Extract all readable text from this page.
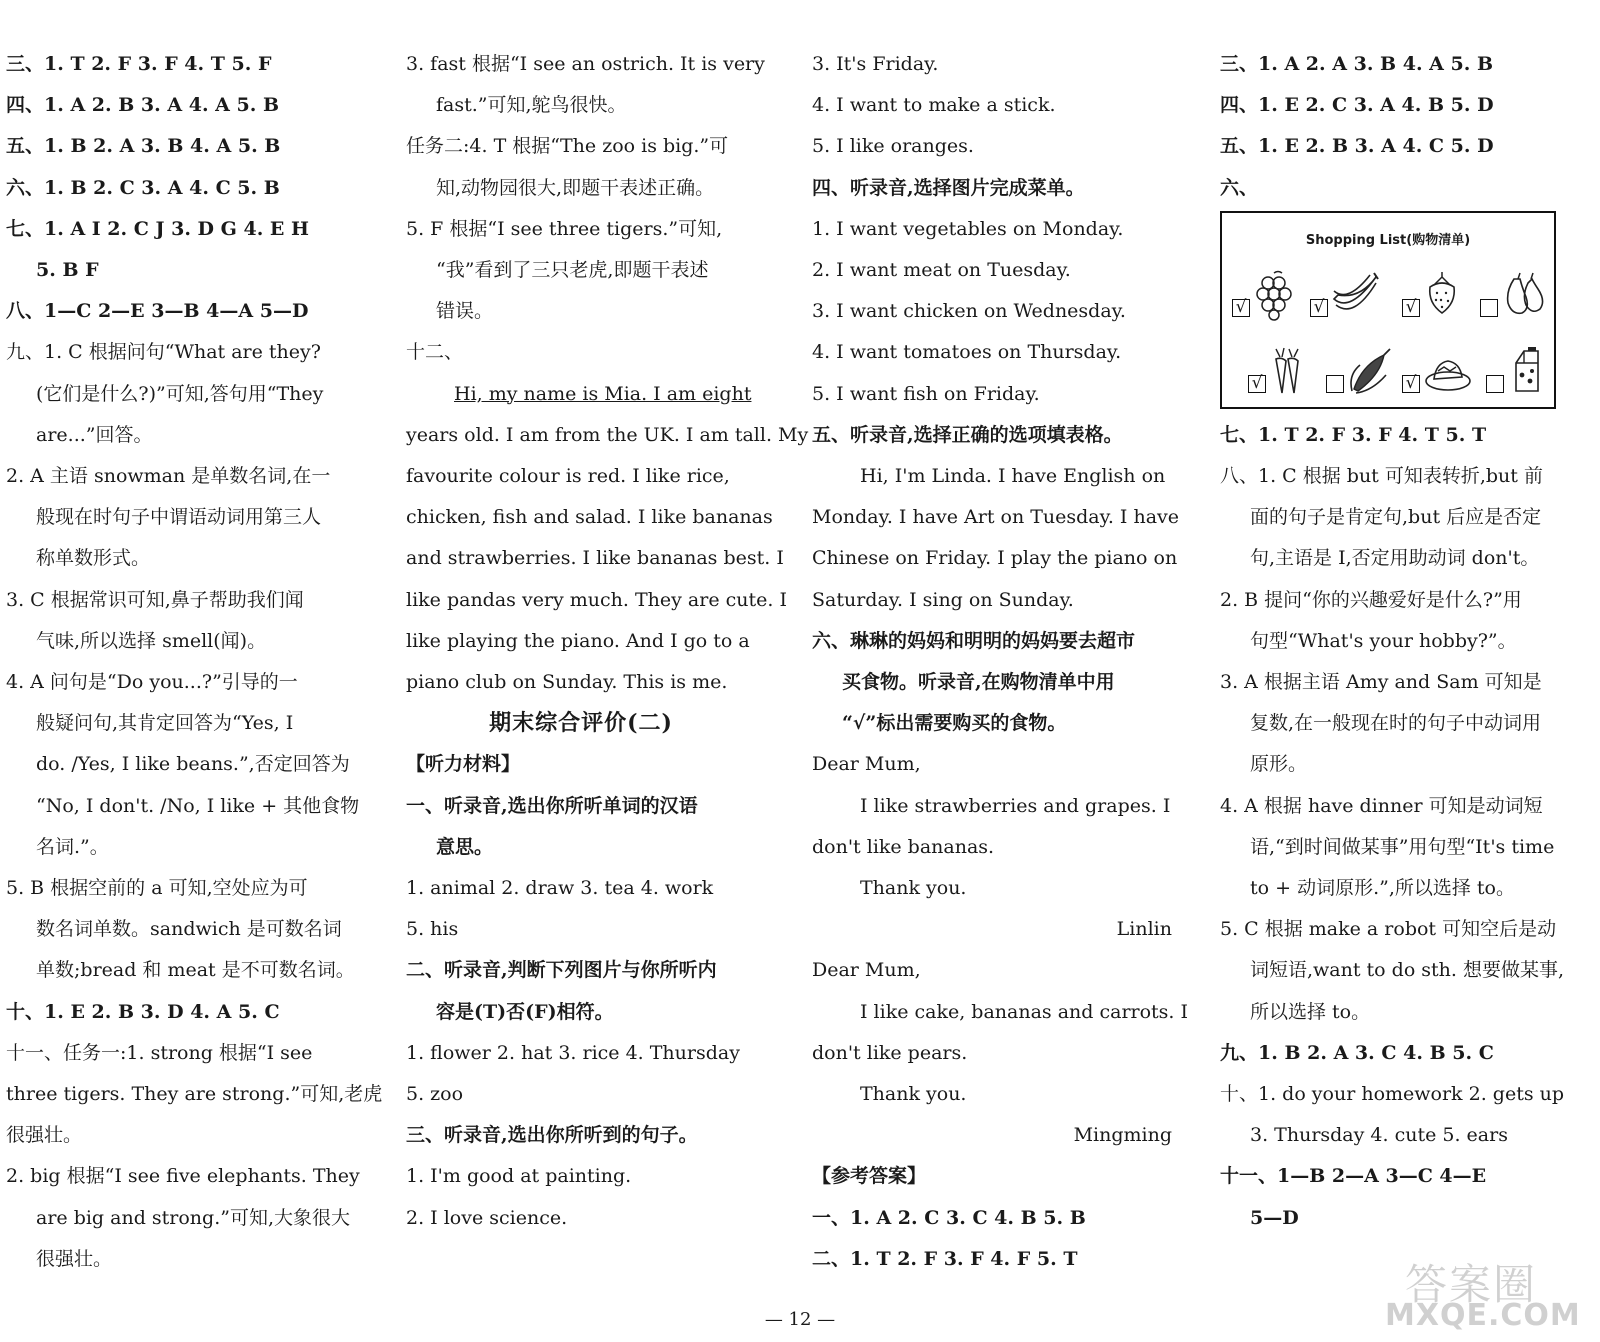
三、1. T 2. F 3. F 4. T 5. F
四、1. A 2. B 3. A 4. A 5. B
五、1. B 2. A 3. B 4. A 5. B
六、1. B 2. C 3. A 4. C 5. B
七、1. A I 2. C J 3. D G 4. E H
5. B F
八、1—C 2—E 3—B 4—A 5—D
九、1. C 根据问句“What are they?
(它们是什么?)”可知,答句用“They
are...”回答。
2. A 主语 snowman 是单数名词,在一
般现在时句子中谓语动词用第三人
称单数形式。
3. C 根据常识可知,鼻子帮助我们闻
气味,所以选择 smell(闻)。
4. A 问句是“Do you...?”引导的一
般疑问句,其肯定回答为“Yes, I
do. /Yes, I like beans.”,否定回答为
“No, I don't. /No, I like + 其他食物
名词.”。
5. B 根据空前的 a 可知,空处应为可
数名词单数。sandwich 是可数名词
单数;bread 和 meat 是不可数名词。
十、1. E 2. B 3. D 4. A 5. C
十一、任务一:1. strong 根据“I see
three tigers. They are strong.”可知,老虎
很强壮。
2. big 根据“I see five elephants. They
are big and strong.”可知,大象很大
很强壮。
3. fast 根据“I see an ostrich. It is very
fast.”可知,鸵鸟很快。
任务二:4. T 根据“The zoo is big.”可
知,动物园很大,即题干表述正确。
5. F 根据“I see three tigers.”可知,
“我”看到了三只老虎,即题干表述
错误。
十二、
Hi, my name is Mia. I am eight
years old. I am from the UK. I am tall. My
favourite colour is red. I like rice,
chicken, fish and salad. I like bananas
and strawberries. I like bananas best. I
like pandas very much. They are cute. I
like playing the piano. And I go to a
piano club on Sunday. This is me.
期末综合评价(二)
【听力材料】
一、听录音,选出你所听单词的汉语
意思。
1. animal 2. draw 3. tea 4. work
5. his
二、听录音,判断下列图片与你所听内
容是(T)否(F)相符。
1. flower 2. hat 3. rice 4. Thursday
5. zoo
三、听录音,选出你所听到的句子。
1. I'm good at painting.
2. I love science.
3. It's Friday.
4. I want to make a stick.
5. I like oranges.
四、听录音,选择图片完成菜单。
1. I want vegetables on Monday.
2. I want meat on Tuesday.
3. I want chicken on Wednesday.
4. I want tomatoes on Thursday.
5. I want fish on Friday.
五、听录音,选择正确的选项填表格。
Hi, I'm Linda. I have English on
Monday. I have Art on Tuesday. I have
Chinese on Friday. I play the piano on
Saturday. I sing on Sunday.
六、琳琳的妈妈和明明的妈妈要去超市
买食物。听录音,在购物清单中用
“√”标出需要购买的食物。
Dear Mum,
I like strawberries and grapes. I
don't like bananas.
Thank you.
Linlin
Dear Mum,
I like cake, bananas and carrots. I
don't like pears.
Thank you.
Mingming
【参考答案】
一、1. A 2. C 3. C 4. B 5. B
二、1. T 2. F 3. F 4. F 5. T
三、1. A 2. A 3. B 4. A 5. B
四、1. E 2. C 3. A 4. B 5. D
五、1. E 2. B 3. A 4. C 5. D
六、
Shopping List(购物清单)
√	√	√
√	√
七、1. T 2. F 3. F 4. T 5. T
八、1. C 根据 but 可知表转折,but 前
面的句子是肯定句,but 后应是否定
句,主语是 I,否定用助动词 don't。
2. B 提问“你的兴趣爱好是什么?”用
句型“What's your hobby?”。
3. A 根据主语 Amy and Sam 可知是
复数,在一般现在时的句子中动词用
原形。
4. A 根据 have dinner 可知是动词短
语,“到时间做某事”用句型“It's time
to + 动词原形.”,所以选择 to。
5. C 根据 make a robot 可知空后是动
词短语,want to do sth. 想要做某事,
所以选择 to。
九、1. B 2. A 3. C 4. B 5. C
十、1. do your homework 2. gets up
3. Thursday 4. cute 5. ears
十一、1—B 2—A 3—C 4—E
5—D
— 12 —
答案圈
MXQE.COM
